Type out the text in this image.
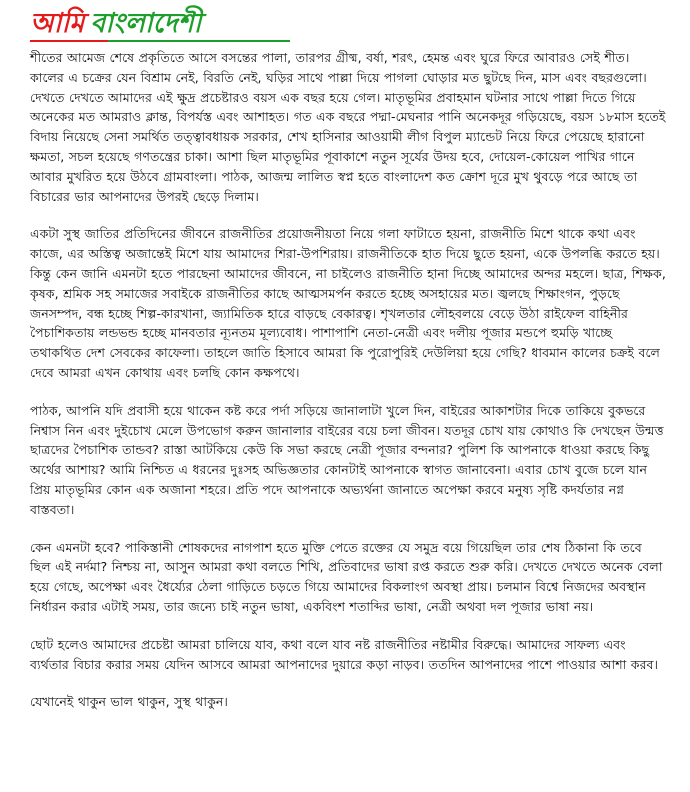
আমি বাংলাদেশী

শীতের আমেজ শেষে প্রকৃতিতে আসে বসন্তের পালা, তারপর গ্রীষ্ম, বর্ষা, শরৎ, হেমন্ত এবং ঘুরে ফিরে আবারও সেই শীত। কালের এ চক্রের যেন বিশ্রাম নেই, বিরতি নেই, ঘড়ির সাথে পাল্লা দিয়ে পাগলা ঘোড়ার মত ছুটছে দিন, মাস এবং বছরগুলো। দেখতে দেখতে আমাদের এই ক্ষুদ্র প্রচেষ্টারও বয়স এক বছর হয়ে গেল। মাতৃভূমির প্রবাহমান ঘটনার সাথে পাল্লা দিতে গিয়ে অনেকের মত আমরাও ক্লান্ত, বিপর্যস্ত এবং আশাহত। গত এক বছরে পদ্মা-মেঘনার পানি অনেকদূর গড়িয়েছে, বয়স ১৮মাস হতেই বিদায় নিয়েছে সেনা সমর্থিত তত্ত্বাবধায়ক সরকার, শেখ হাসিনার আওয়ামী লীগ বিপুল ম্যান্ডেট নিয়ে ফিরে পেয়েছে হারানো ক্ষমতা, সচল হয়েছে গণতন্ত্রের চাকা। আশা ছিল মাতৃভূমির পূবাকাশে নতুন সূর্যের উদয় হবে, দোয়েল-কোয়েল পাখির গানে আবার মুখরিত হয়ে উঠবে গ্রামবাংলা। পাঠক, আজন্ম লালিত স্বপ্ন হতে বাংলাদেশ কত ক্রোশ দূরে মুখ থুবড়ে পরে আছে তা বিচারের ভার আপনাদের উপরই ছেড়ে দিলাম।

একটা সুস্থ জাতির প্রতিদিনের জীবনে রাজনীতির প্রয়োজনীয়তা নিয়ে গলা ফাটাতে হয়না, রাজনীতি মিশে থাকে কথা এবং কাজে, এর অস্তিত্ব অজান্তেই মিশে যায় আমাদের শিরা-উপশিরায়। রাজনীতিকে হাত দিয়ে ছুতে হয়না, একে উপলব্ধি করতে হয়। কিন্তু কেন জানি এমনটা হতে পারছেনা আমাদের জীবনে, না চাইলেও রাজনীতি হানা দিচ্ছে আমাদের অন্দর মহলে। ছাত্র, শিক্ষক, কৃষক, শ্রমিক সহ সমাজের সবাইকে রাজনীতির কাছে আত্মসমর্পন করতে হচ্ছে অসহায়ের মত। জ্বলছে শিক্ষাংগন, পুড়ছে জনসম্পদ, বন্ধ হচ্ছে শিল্প-কারখানা, জ্যামিতিক হারে বাড়ছে বেকারত্ব। শৃখলতার লৌহবলয়ে বেড়ে উঠা রাইফেল বাহিনীর পৈচাশিকতায় লন্ডভন্ড হচ্ছে মানবতার ন্যূনতম মূল্যবোধ। পাশাপাশি নেতা-নেত্রী এবং দলীয় পূজার মন্ডপে হুমড়ি খাচ্ছে তথাকথিত দেশ সেবকের কাফেলা। তাহলে জাতি হিসাবে আমরা কি পুরোপুরিই দেউলিয়া হয়ে গেছি? ধাবমান কালের চক্রই বলে দেবে আমরা এখন কোথায় এবং চলছি কোন কক্ষপথে।

পাঠক, আপনি যদি প্রবাসী হয়ে থাকেন কষ্ট করে পর্দা সড়িয়ে জানালাটা খুলে দিন, বাইরের আকাশটার দিকে তাকিয়ে বুকভরে নিশ্বাস নিন এবং দুইচোখ মেলে উপভোগ করুন জানালার বাইরের বয়ে চলা জীবন। যতদূর চোখ যায় কোথাও কি দেখছেন উন্মত্ত ছাত্রদের পৈচাশিক তান্ডব? রাস্তা আটকিয়ে কেউ কি সভা করছে নেত্রী পূজার বন্দনার? পুলিশ কি আপনাকে ধাওয়া করছে কিছু অর্থের আশায়? আমি নিশ্চিত এ ধরনের দুঃসহ অভিজ্ঞতার কোনটাই আপনাকে স্বাগত জানাবেনা। এবার চোখ বুজে চলে যান প্রিয় মাতৃভূমির কোন এক অজানা শহরে। প্রতি পদে আপনাকে অভ্যর্থনা জানাতে অপেক্ষা করবে মনুষ্য সৃষ্টি কদর্যতার নগ্ন বাস্তবতা।

কেন এমনটা হবে? পাকিস্তানী শোষকদের নাগপাশ হতে মুক্তি পেতে রক্তের যে সমুদ্র বয়ে গিয়েছিল তার শেষ ঠিকানা কি তবে ছিল এই নর্দমা? নিশ্চয় না, আসুন আমরা কথা বলতে শিখি, প্রতিবাদের ভাষা রপ্ত করতে শুরু করি। দেখতে দেখতে অনেক বেলা হয়ে গেছে, অপেক্ষা এবং ধৈর্য্যের ঠেলা গাড়িতে চড়তে গিয়ে আমাদের বিকলাংগ অবস্থা প্রায়। চলমান বিশ্বে নিজদের অবস্থান নির্ধারন করার এটাই সময়, তার জন্যে চাই নতুন ভাষা, একবিংশ শতাব্দির ভাষা, নেত্রী অথবা দল পূজার ভাষা নয়।

ছোট হলেও আমাদের প্রচেষ্টা আমরা চালিয়ে যাব, কথা বলে যাব নষ্ট রাজনীতির নষ্টামীর বিরুদ্ধে। আমাদের সাফল্য এবং ব্যর্থতার বিচার করার সময় যেদিন আসবে আমরা আপনাদের দুয়ারে কড়া নাড়ব। ততদিন আপনাদের পাশে পাওয়ার আশা করব।

যেখানেই থাকুন ভাল থাকুন, সুস্থ থাকুন।
